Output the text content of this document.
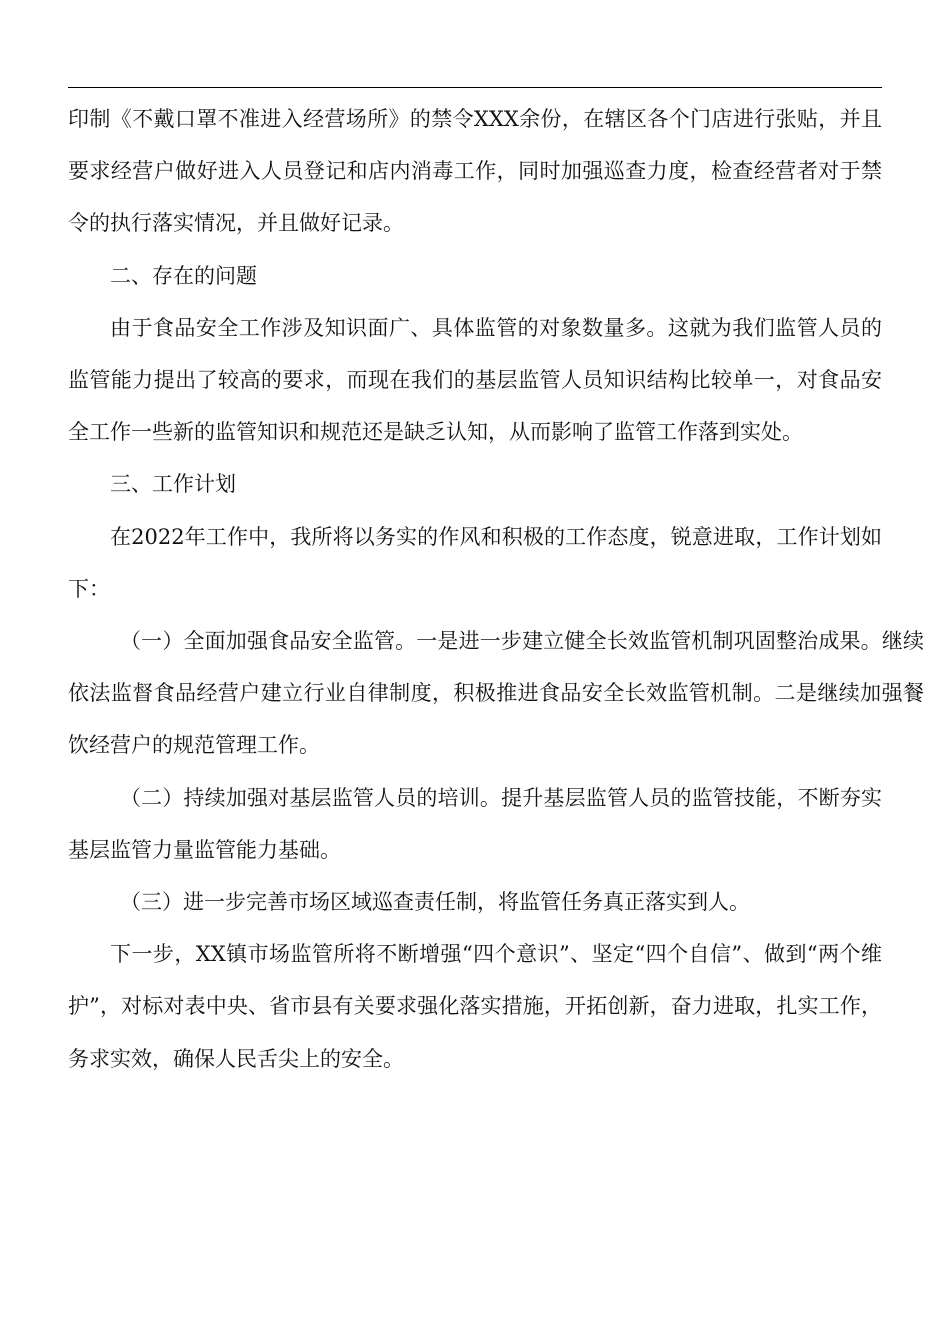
印制《不戴口罩不准进入经营场所》的禁令XXX余份，在辖区各个门店进行张贴，并且要求经营户做好进入人员登记和店内消毒工作，同时加强巡查力度，检查经营者对于禁令的执行落实情况，并且做好记录。

二、存在的问题

由于食品安全工作涉及知识面广、具体监管的对象数量多。这就为我们监管人员的监管能力提出了较高的要求，而现在我们的基层监管人员知识结构比较单一，对食品安全工作一些新的监管知识和规范还是缺乏认知，从而影响了监管工作落到实处。

三、工作计划

在2022年工作中，我所将以务实的作风和积极的工作态度，锐意进取，工作计划如下：

（一）全面加强食品安全监管。一是进一步建立健全长效监管机制巩固整治成果。继续依法监督食品经营户建立行业自律制度，积极推进食品安全长效监管机制。二是继续加强餐饮经营户的规范管理工作。

（二）持续加强对基层监管人员的培训。提升基层监管人员的监管技能，不断夯实基层监管力量监管能力基础。

（三）进一步完善市场区域巡查责任制，将监管任务真正落实到人。

下一步，XX镇市场监管所将不断增强“四个意识”、坚定“四个自信”、做到“两个维护”，对标对表中央、省市县有关要求强化落实措施，开拓创新，奋力进取，扎实工作，务求实效，确保人民舌尖上的安全。
